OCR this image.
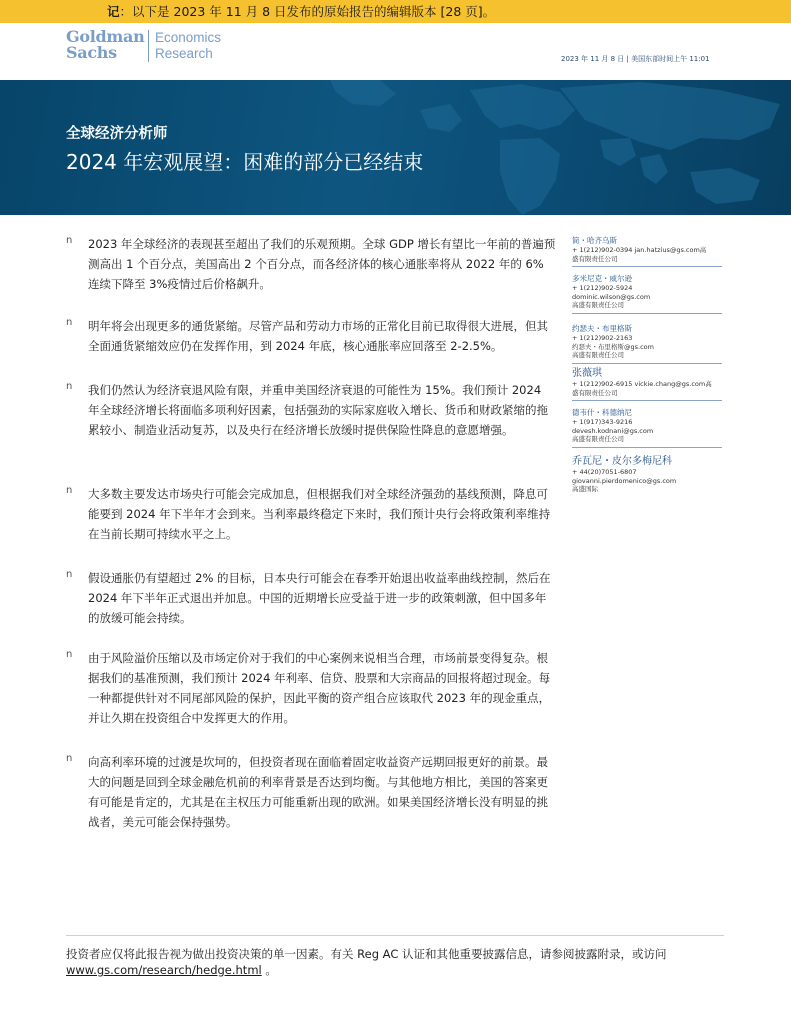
记：以下是 2023 年 11 月 8 日发布的原始报告的编辑版本 [28 页]。
Goldman
Sachs
Economics
Research	2023 年 11 月 8 日 | 美国东部时间上午 11:01
全球经济分析师
2024 年宏观展望：困难的部分已经结束
n 2023 年全球经济的表现甚至超出了我们的乐观预期。全球 GDP 增长有望比一年前的普遍预测高出 1 个百分点，美国高出 2 个百分点，而各经济体的核心通胀率将从 2022 年的 6% 连续下降至 3%疫情过后价格飙升。
n 明年将会出现更多的通货紧缩。尽管产品和劳动力市场的正常化目前已取得很大进展，但其全面通货紧缩效应仍在发挥作用，到 2024 年底，核心通胀率应回落至 2-2.5%。
n 我们仍然认为经济衰退风险有限，并重申美国经济衰退的可能性为 15%。我们预计 2024 年全球经济增长将面临多项利好因素，包括强劲的实际家庭收入增长、货币和财政紧缩的拖累较小、制造业活动复苏，以及央行在经济增长放缓时提供保险性降息的意愿增强。
n 大多数主要发达市场央行可能会完成加息，但根据我们对全球经济强劲的基线预测，降息可能要到 2024 年下半年才会到来。当利率最终稳定下来时，我们预计央行会将政策利率维持在当前长期可持续水平之上。
n 假设通胀仍有望超过 2% 的目标，日本央行可能会在春季开始退出收益率曲线控制，然后在 2024 年下半年正式退出并加息。中国的近期增长应受益于进一步的政策刺激，但中国多年的放缓可能会持续。
n 由于风险溢价压缩以及市场定价对于我们的中心案例来说相当合理，市场前景变得复杂。根据我们的基准预测，我们预计 2024 年利率、信贷、股票和大宗商品的回报将超过现金。每一种都提供针对不同尾部风险的保护，因此平衡的资产组合应该取代 2023 年的现金重点，并让久期在投资组合中发挥更大的作用。
n 向高利率环境的过渡是坎坷的，但投资者现在面临着固定收益资产远期回报更好的前景。最大的问题是回到全球金融危机前的利率背景是否达到均衡。与其他地方相比，美国的答案更有可能是肯定的，尤其是在主权压力可能重新出现的欧洲。如果美国经济增长没有明显的挑战者，美元可能会保持强势。
简・哈齐乌斯
+ 1(212)902-0394 jan.hatzius@gs.com高
盛有限责任公司
多米尼克・威尔逊
+ 1(212)902-5924
dominic.wilson@gs.com
高盛有限责任公司
约瑟夫・布里格斯
+ 1(212)902-2163
约瑟夫・布里格斯@gs.com
高盛有限责任公司
张薇琪
+ 1(212)902-6915 vickie.chang@gs.com高
盛有限责任公司
德韦什・科德纳尼
+ 1(917)343-9216
devesh.kodnani@gs.com
高盛有限责任公司
乔瓦尼・皮尔多梅尼科
+ 44(20)7051-6807
giovanni.pierdomenico@gs.com
高盛国际
投资者应仅将此报告视为做出投资决策的单一因素。有关 Reg AC 认证和其他重要披露信息，请参阅披露附录，或访问
www.gs.com/research/hedge.html 。
